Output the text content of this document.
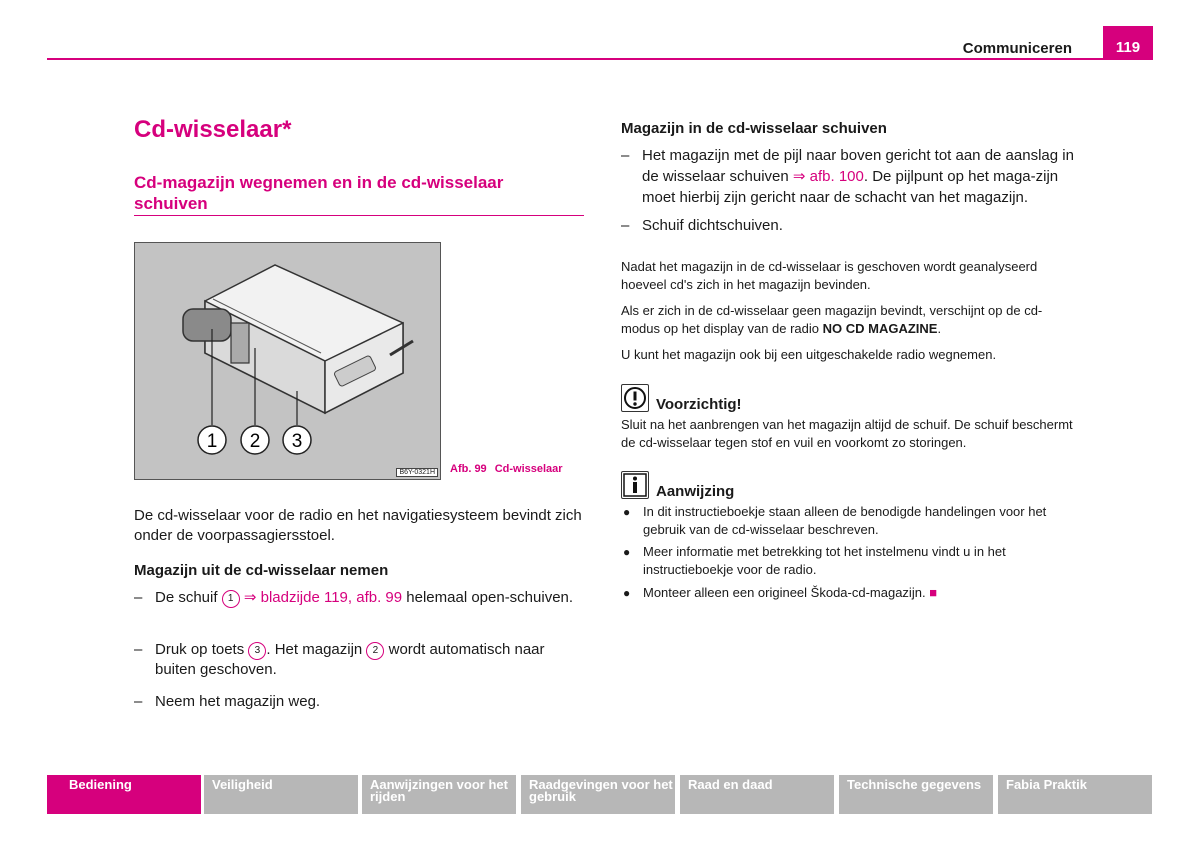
Communiceren	119
Cd-wisselaar*
Cd-magazijn wegnemen en in de cd-wisselaar schuiven
1 2 3
B6Y-0321H Afb. 99 Cd-wisselaar
De cd-wisselaar voor de radio en het navigatiesysteem bevindt zich onder de voorpassagiersstoel.
Magazijn uit de cd-wisselaar nemen
– De schuif 1 ⇒ bladzijde 119, afb. 99 helemaal open-schuiven.
– Druk op toets 3 . Het magazijn 2 wordt automatisch naar buiten geschoven.
– Neem het magazijn weg.
Magazijn in de cd-wisselaar schuiven
– Het magazijn met de pijl naar boven gericht tot aan de aanslag in de wisselaar schuiven ⇒ afb. 100. De pijlpunt op het maga-zijn moet hierbij zijn gericht naar de schacht van het magazijn.
– Schuif dichtschuiven.
Nadat het magazijn in de cd-wisselaar is geschoven wordt geanalyseerd hoeveel cd's zich in het magazijn bevinden.
Als er zich in de cd-wisselaar geen magazijn bevindt, verschijnt op de cd-modus op het display van de radio NO CD MAGAZINE.
U kunt het magazijn ook bij een uitgeschakelde radio wegnemen.
Voorzichtig!
Sluit na het aanbrengen van het magazijn altijd de schuif. De schuif beschermt de cd-wisselaar tegen stof en vuil en voorkomt zo storingen.
Aanwijzing
● In dit instructieboekje staan alleen de benodigde handelingen voor het gebruik van de cd-wisselaar beschreven.
● Meer informatie met betrekking tot het instelmenu vindt u in het instructieboekje voor de radio.
● Monteer alleen een origineel Škoda-cd-magazijn. ■
Bediening	Veiligheid	Aanwijzingen voor het rijden
Raadgevingen voor het gebruik
Raad en daad	Technische gegevens	Fabia Praktik
